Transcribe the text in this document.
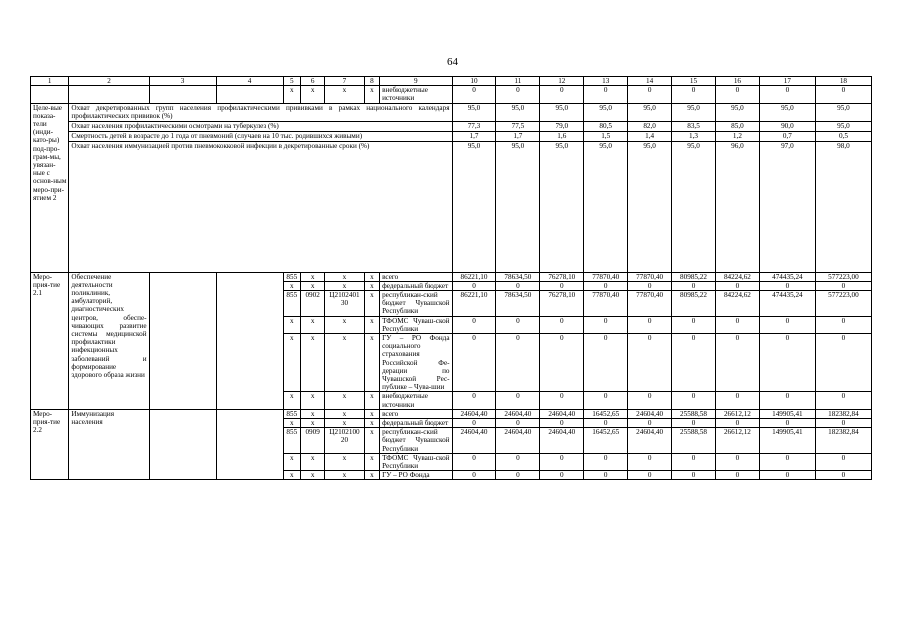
64
1	2	3	4	5	6	7	8	9	10	11	12	13	14	15	16	17	18
				x	x	x	x	внебюджетные источники	0	0	0	0	0	0	0	0	0
Целе-вые показа-тели (инди-като-ры) под-про-грам-мы, увязан-ные с основ-ным меро-при-ятием 2	Охват декретированных групп населения профилактическими прививками в рамках национального календаря профилактических прививок (%)								95,0	95,0	95,0	95,0	95,0	95,0	95,0	95,0	95,0
	Охват населения профилактическими осмотрами на туберкулез (%)								77,3	77,5	79,0	80,5	82,0	83,5	85,0	90,0	95,0
	Смертность детей в возрасте до 1 года от пневмоний (случаев на 10 тыс. родившихся живыми)								1,7	1,7	1,6	1,5	1,4	1,3	1,2	0,7	0,5
	Охват населения иммунизацией против пневмококковой инфекции в декретированные сроки (%)								95,0	95,0	95,0	95,0	95,0	95,0	96,0	97,0	98,0
Меро-прия-тие 2.1	Обеспечение деятельности поликлиник, амбулаторий, диагностических центров, обеспе-чивающих развитие системы медицинской профилактики инфекционных заболеваний и формирование здорового образа жизни			855	x	x	x	всего	86221,10	78634,50	76278,10	77870,40	77870,40	80985,22	84224,62	474435,24	577223,00
				x	x	x	x	федеральный бюджет	0	0	0	0	0	0	0	0	0
				855	0902	Ц2102401 30	x	республикан-ский бюджет Чувашской Республики	86221,10	78634,50	76278,10	77870,40	77870,40	80985,22	84224,62	474435,24	577223,00
				x	x	x	x	ТФОМС Чуваш-ской Республики	0	0	0	0	0	0	0	0	0
				x	x	x	x	ГУ – РО Фонда социального страхования Российской Фе-дерации по Чувашской Рес-публике – Чува-шии	0	0	0	0	0	0	0	0	0
				x	x	x	x	внебюджетные источники	0	0	0	0	0	0	0	0	0
Меро-прия-тие 2.2	Иммунизация населения			855	x	x	x	всего	24604,40	24604,40	24604,40	16452,65	24604,40	25588,58	26612,12	149905,41	182382,84
				x	x	x	x	федеральный бюджет	0	0	0	0	0	0	0	0	0
				855	0909	Ц2102100 20	x	республикан-ский бюджет Чувашской Республики	24604,40	24604,40	24604,40	16452,65	24604,40	25588,58	26612,12	149905,41	182382,84
				x	x	x	x	ТФОМС Чуваш-ской Республики	0	0	0	0	0	0	0	0	0
				x	x	x	x	ГУ – РО Фонда	0	0	0	0	0	0	0	0	0
